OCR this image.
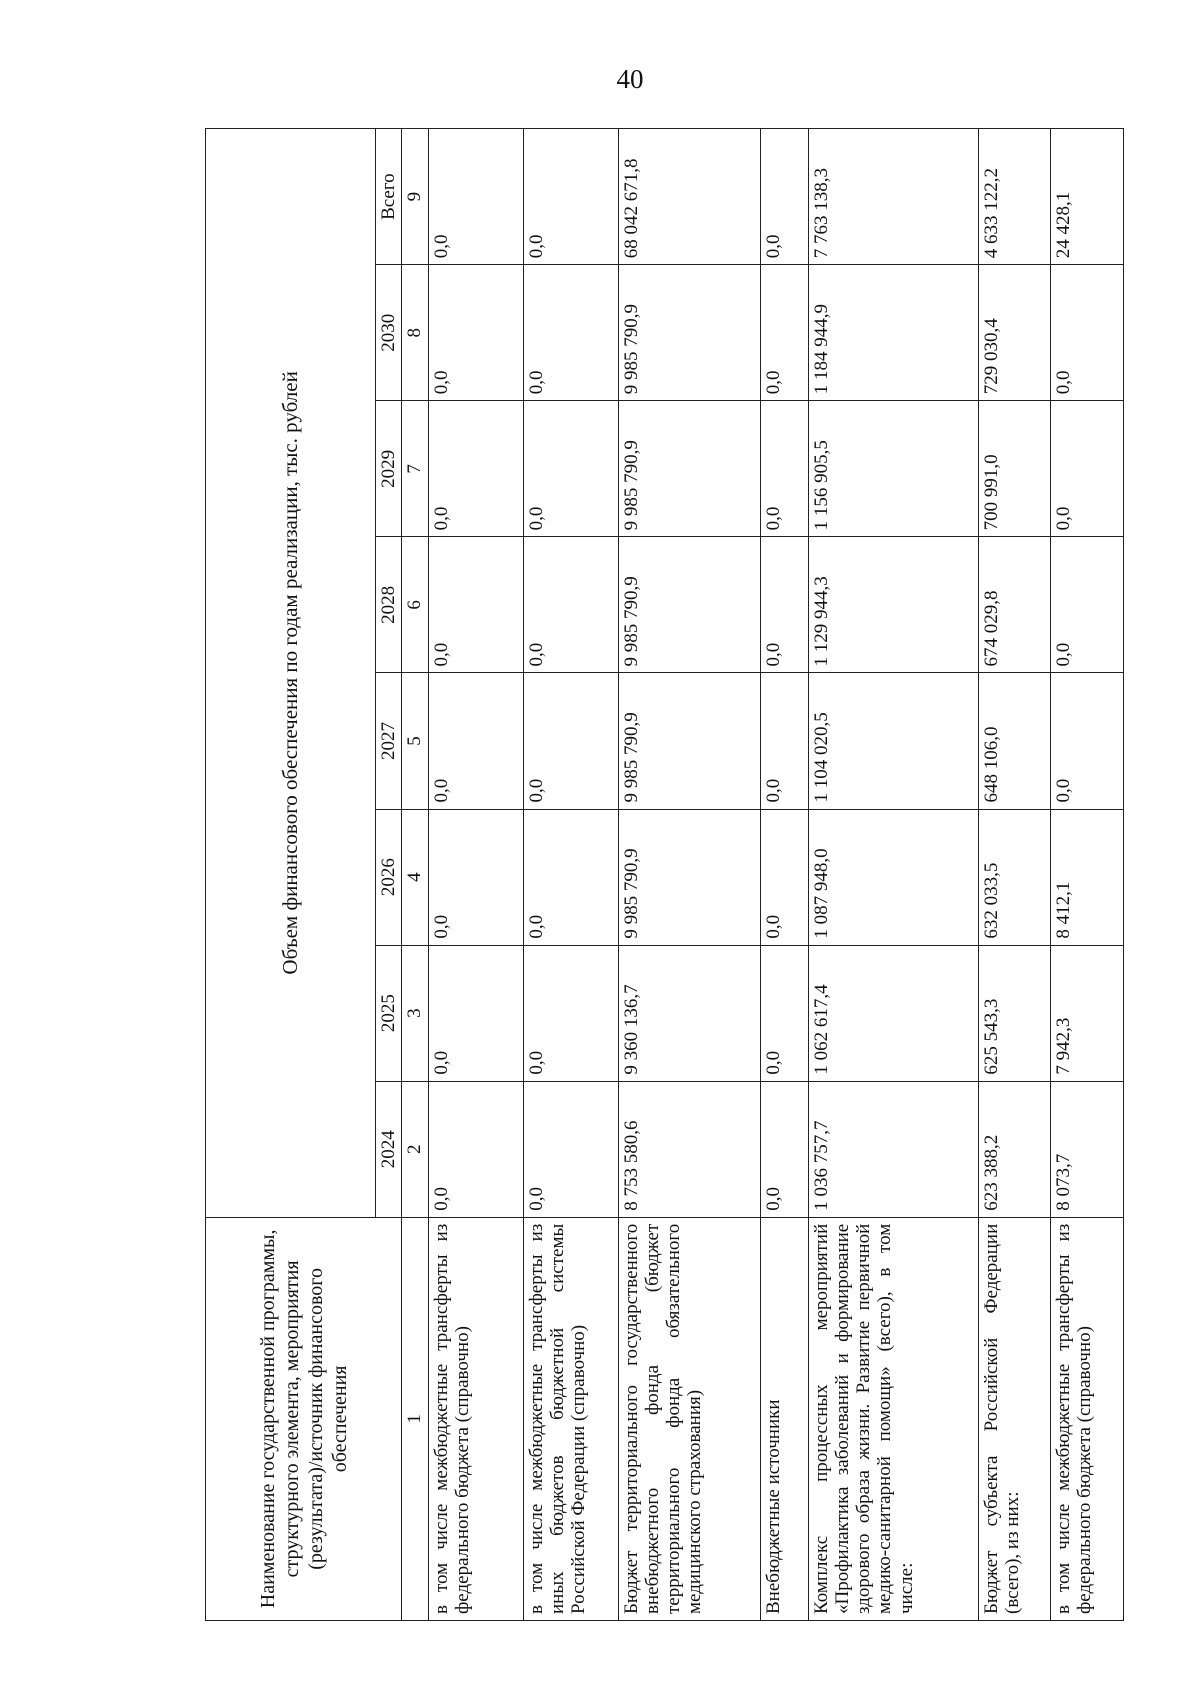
40
Наименование государственной программы, структурного элемента, мероприятия (результата)/источник финансового обеспечения	Объем финансового обеспечения по годам реализации, тыс. рублей							
	2024	2025	2026	2027	2028	2029	2030	Всего
1	2	3	4	5	6	7	8	9
в том числе межбюджетные трансферты из федерального бюджета (справочно)	0,0	0,0	0,0	0,0	0,0	0,0	0,0	0,0
в том числе межбюджетные трансферты из иных бюджетов бюджетной системы Российской Федерации (справочно)	0,0	0,0	0,0	0,0	0,0	0,0	0,0	0,0
Бюджет территориального государственного внебюджетного фонда (бюджет территориального фонда обязательного медицинского страхования)	8 753 580,6	9 360 136,7	9 985 790,9	9 985 790,9	9 985 790,9	9 985 790,9	9 985 790,9	68 042 671,8
Внебюджетные источники	0,0	0,0	0,0	0,0	0,0	0,0	0,0	0,0
Комплекс процессных мероприятий «Профилактика заболеваний и формирование здорового образа жизни. Развитие первичной медико-санитарной помощи» (всего), в том числе:	1 036 757,7	1 062 617,4	1 087 948,0	1 104 020,5	1 129 944,3	1 156 905,5	1 184 944,9	7 763 138,3
Бюджет субъекта Российской Федерации (всего), из них:	623 388,2	625 543,3	632 033,5	648 106,0	674 029,8	700 991,0	729 030,4	4 633 122,2
в том числе межбюджетные трансферты из федерального бюджета (справочно)	8 073,7	7 942,3	8 412,1	0,0	0,0	0,0	0,0	24 428,1
